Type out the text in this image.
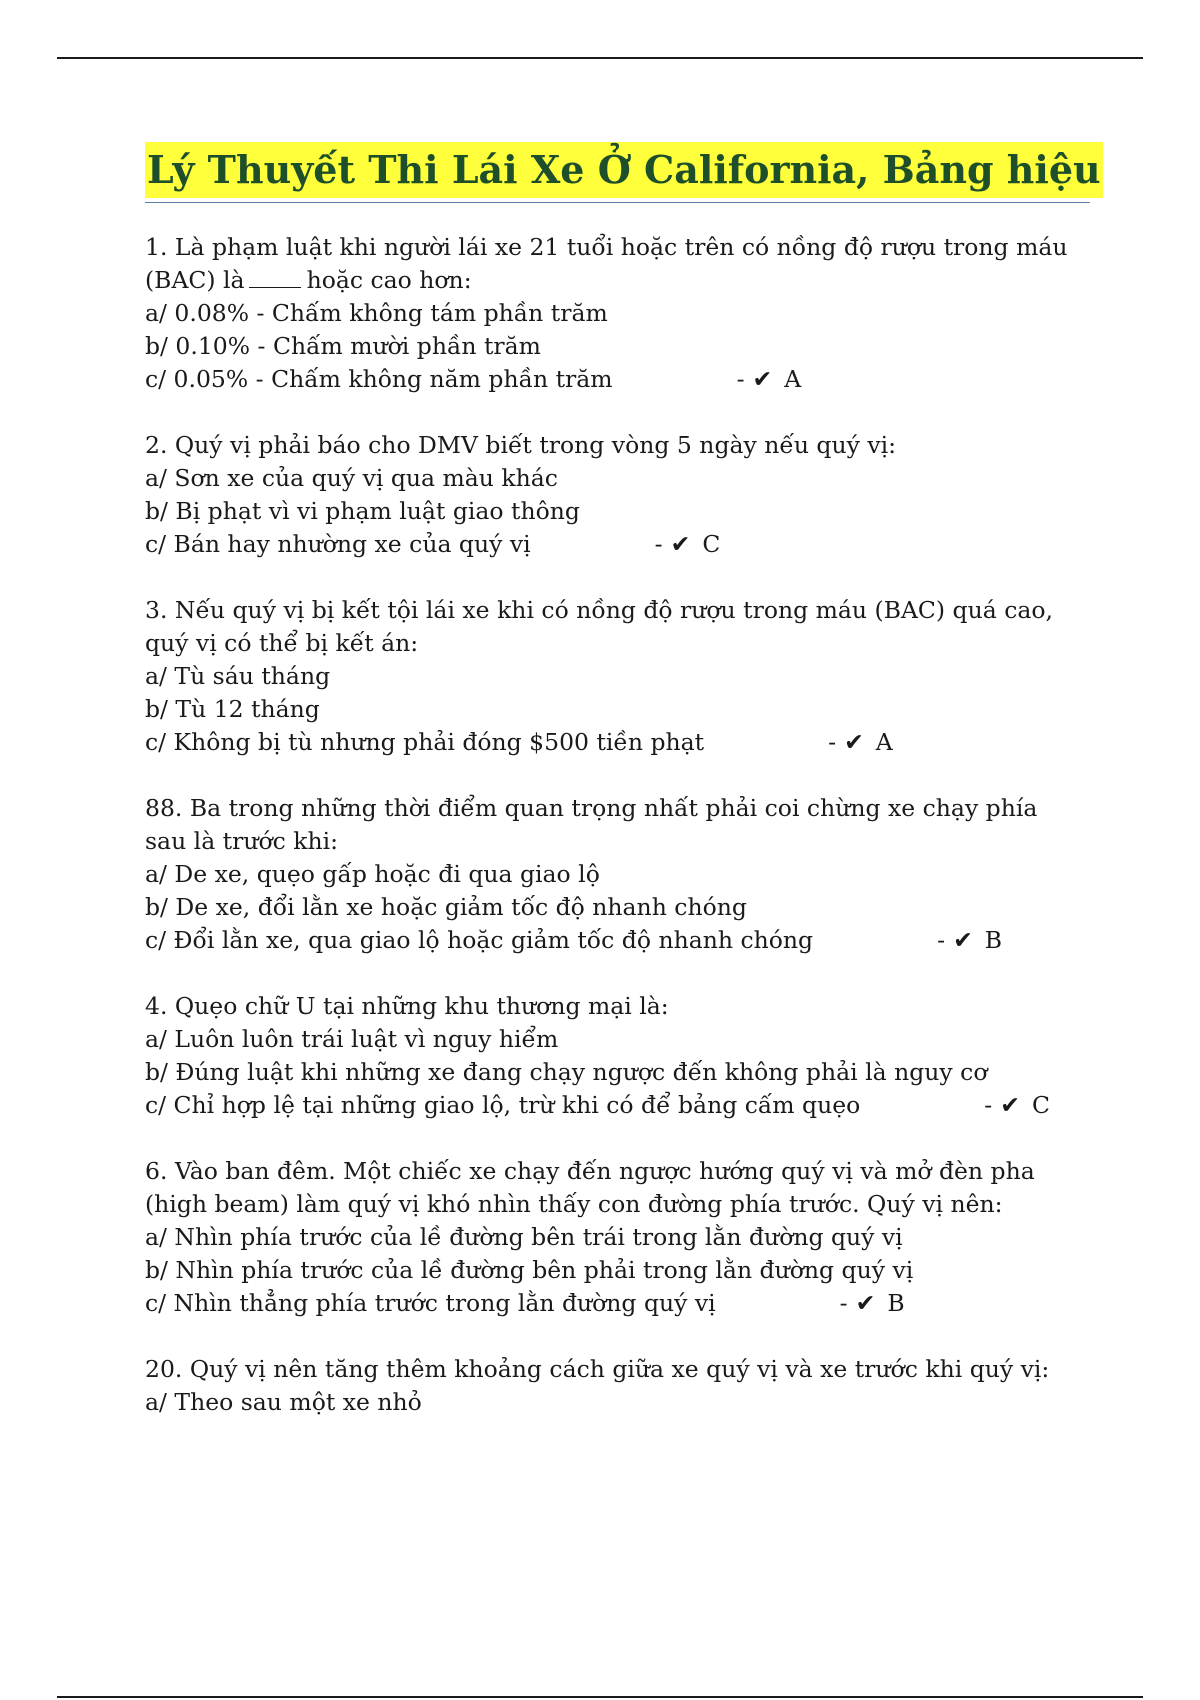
Lý Thuyết Thi Lái Xe Ở California, Bảng hiệu
1. Là phạm luật khi người lái xe 21 tuổi hoặc trên có nồng độ rượu trong máu
(BAC) là	hoặc cao hơn:
a/ 0.08% - Chấm không tám phần trăm
b/ 0.10% - Chấm mười phần trăm
c/ 0.05% - Chấm không năm phần trăm	- ✔ A
2. Quý vị phải báo cho DMV biết trong vòng 5 ngày nếu quý vị:
a/ Sơn xe của quý vị qua màu khác
b/ Bị phạt vì vi phạm luật giao thông
c/ Bán hay nhường xe của quý vị	- ✔ C
3. Nếu quý vị bị kết tội lái xe khi có nồng độ rượu trong máu (BAC) quá cao,
quý vị có thể bị kết án:
a/ Tù sáu tháng
b/ Tù 12 tháng
c/ Không bị tù nhưng phải đóng $500 tiền phạt	- ✔ A
88. Ba trong những thời điểm quan trọng nhất phải coi chừng xe chạy phía
sau là trước khi:
a/ De xe, quẹo gấp hoặc đi qua giao lộ
b/ De xe, đổi lằn xe hoặc giảm tốc độ nhanh chóng
c/ Đổi lằn xe, qua giao lộ hoặc giảm tốc độ nhanh chóng	- ✔ B
4. Quẹo chữ U tại những khu thương mại là:
a/ Luôn luôn trái luật vì nguy hiểm
b/ Đúng luật khi những xe đang chạy ngược đến không phải là nguy cơ
c/ Chỉ hợp lệ tại những giao lộ, trừ khi có để bảng cấm quẹo	- ✔ C
6. Vào ban đêm. Một chiếc xe chạy đến ngược hướng quý vị và mở đèn pha
(high beam) làm quý vị khó nhìn thấy con đường phía trước. Quý vị nên:
a/ Nhìn phía trước của lề đường bên trái trong lằn đường quý vị
b/ Nhìn phía trước của lề đường bên phải trong lằn đường quý vị
c/ Nhìn thẳng phía trước trong lằn đường quý vị	- ✔ B
20. Quý vị nên tăng thêm khoảng cách giữa xe quý vị và xe trước khi quý vị:
a/ Theo sau một xe nhỏ
